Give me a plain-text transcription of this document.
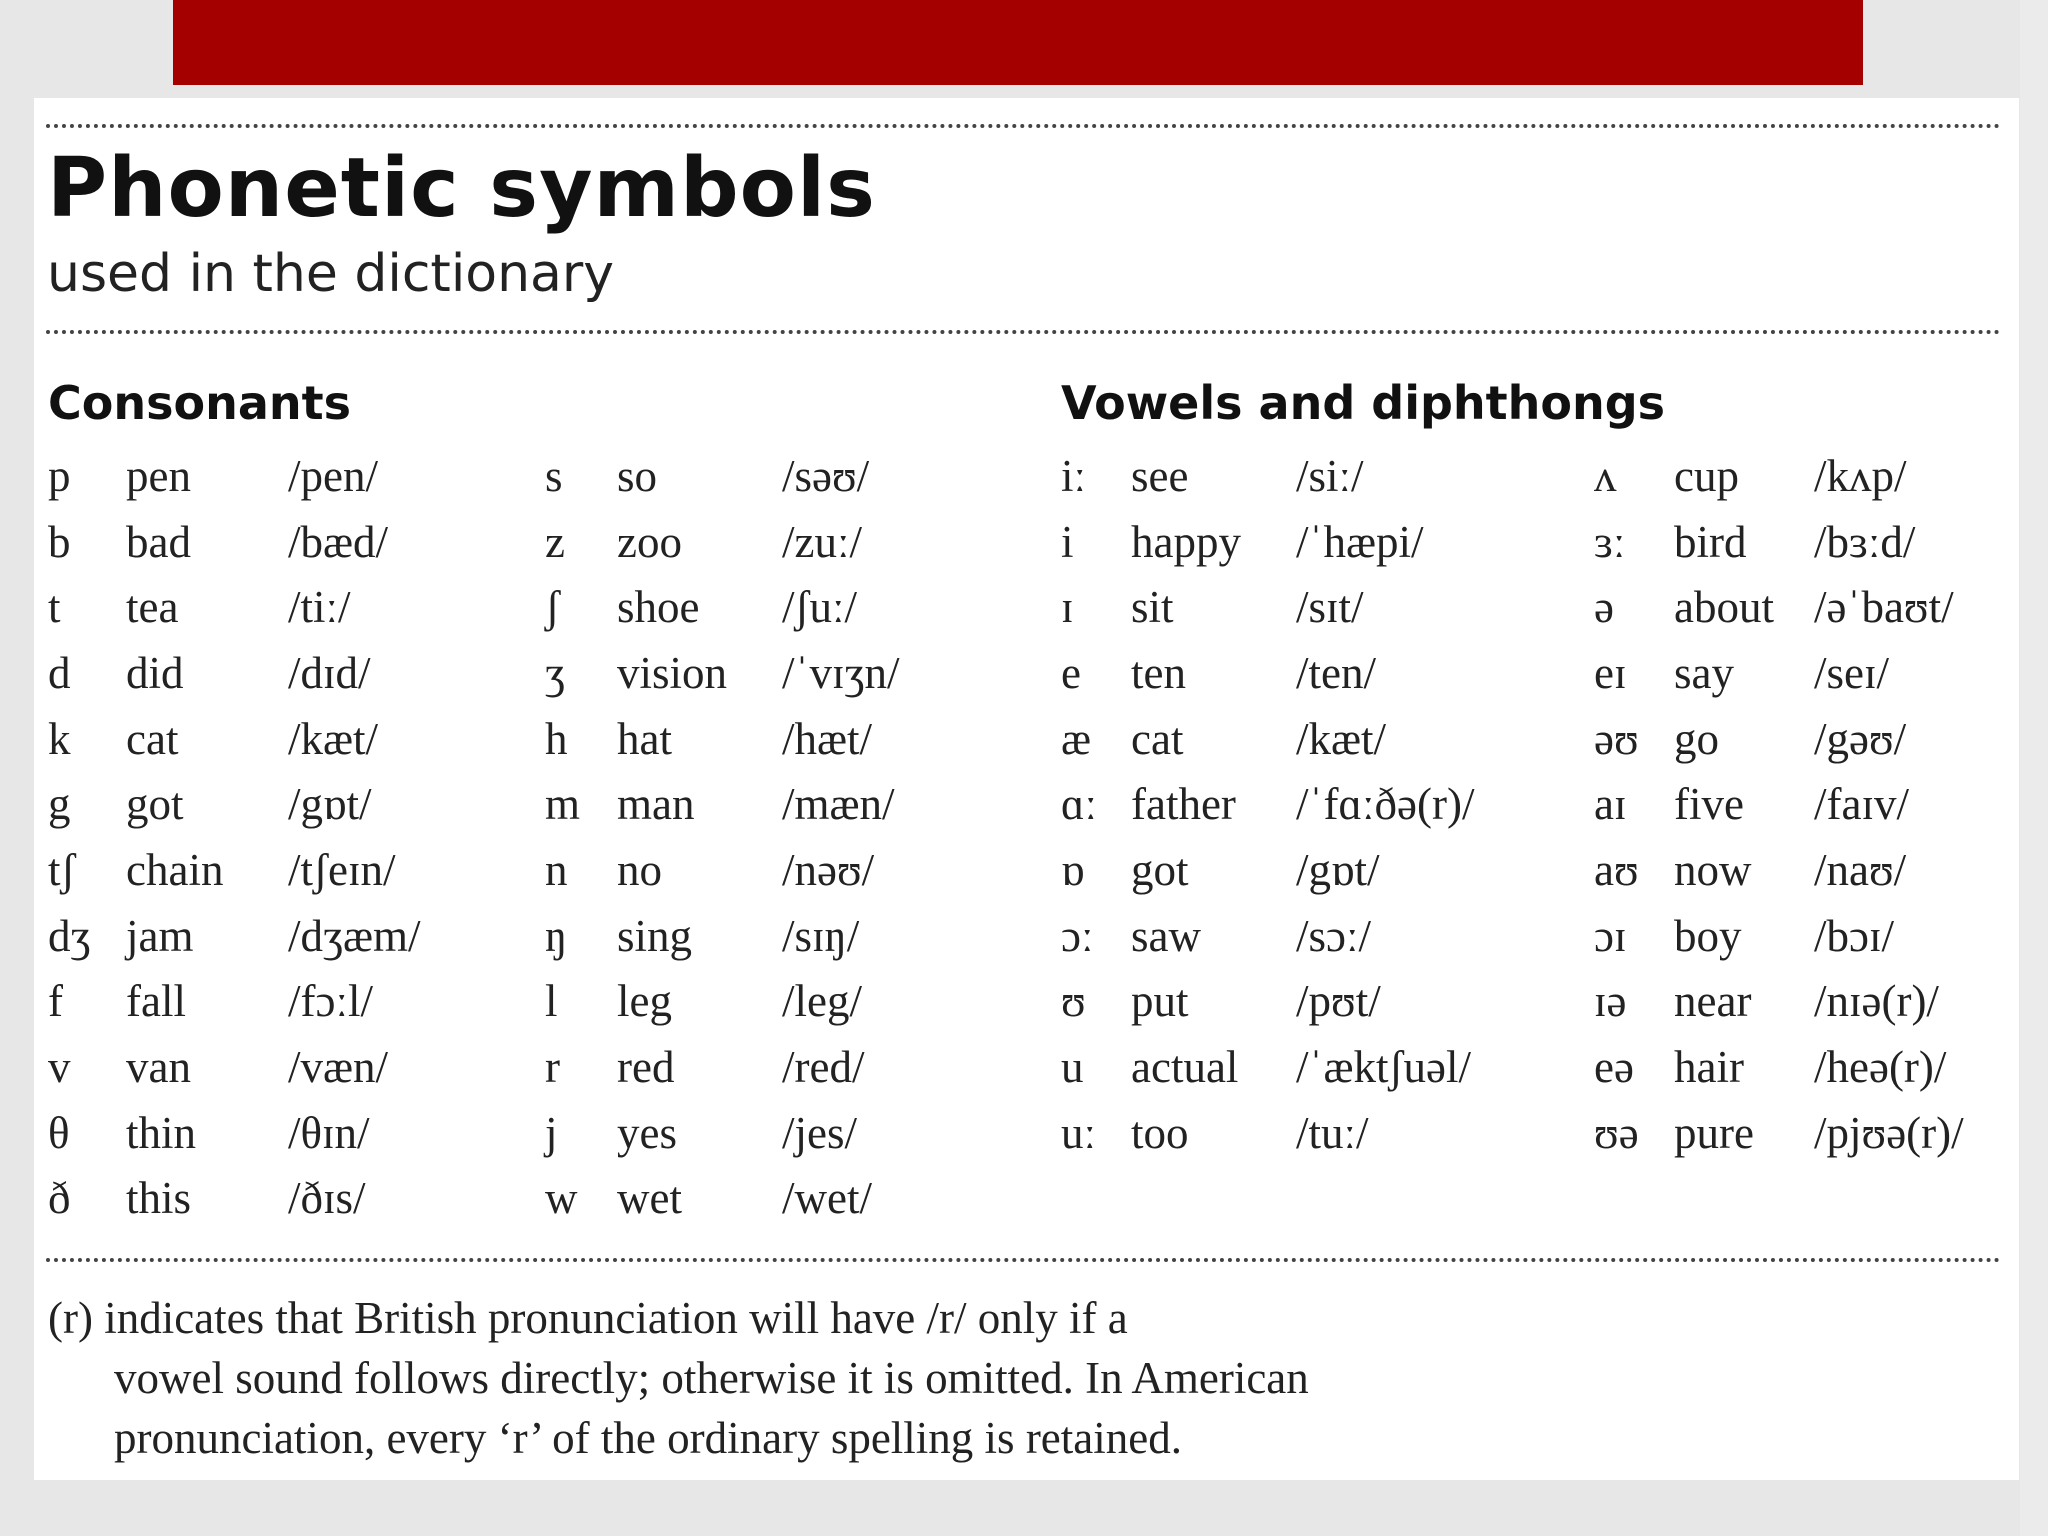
Phonetic symbols
used in the dictionary
Consonants	Vowels and diphthongs
p	pen	/pen/
b	bad	/bæd/
t	tea	/tiː/
d	did	/dɪd/
k	cat	/kæt/
g	got	/gɒt/
tʃ	chain	/tʃeɪn/
dʒ jam	/dʒæm/
f	fall	/fɔːl/
v	van	/væn/
θ	thin	/θɪn/
ð	this	/ðɪs/
s	so	/səʊ/
z	zoo	/zuː/
ʃ	shoe	/ʃuː/
ʒ	vision	/ˈvɪʒn/
h	hat	/hæt/
m man	/mæn/
n	no	/nəʊ/
ŋ	sing	/sɪŋ/
l	leg	/leg/
r	red	/red/
j	yes	/jes/
w wet	/wet/
iː see	/siː/
i	happy	/ˈhæpi/
ɪ	sit	/sɪt/
e	ten	/ten/
æ cat	/kæt/
ɑː father	/ˈfɑːðə(r)/
ɒ	got	/gɒt/
ɔː saw	/sɔː/
ʊ	put	/pʊt/
u	actual	/ˈæktʃuəl/
uː too	/tuː/
ʌ	cup	/kʌp/
ɜː	bird	/bɜːd/
ə	about /əˈbaʊt/
eɪ	say	/seɪ/
əʊ go	/gəʊ/
aɪ	five	/faɪv/
aʊ now	/naʊ/
ɔɪ	boy	/bɔɪ/
ɪə	near	/nɪə(r)/
eə hair	/heə(r)/
ʊə pure	/pjʊə(r)/
(r) indicates that British pronunciation will have /r/ only if a
vowel sound follows directly; otherwise it is omitted. In American
pronunciation, every ‘r’ of the ordinary spelling is retained.
